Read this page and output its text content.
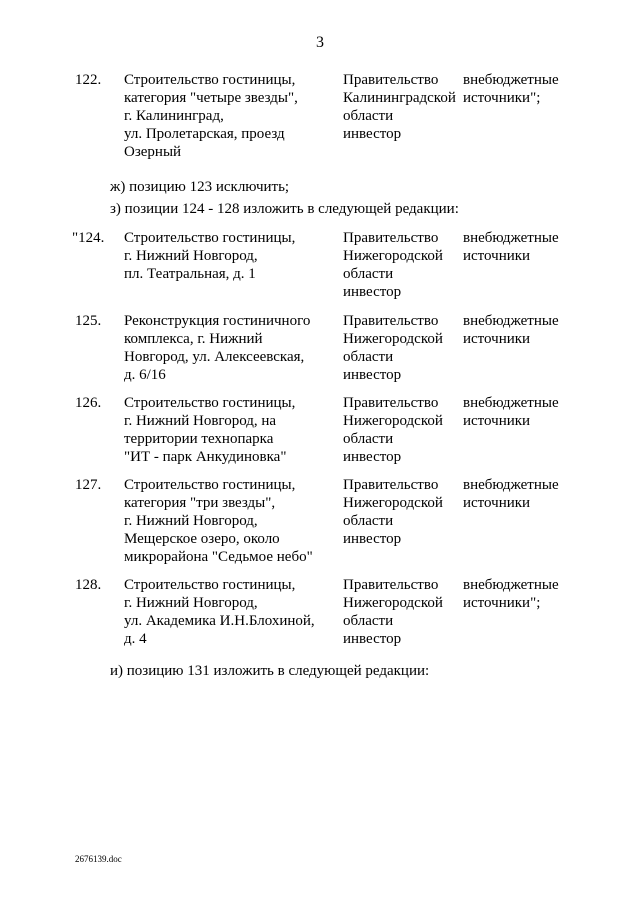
3
122. Строительство гостиницы,
категория "четыре звезды",
г. Калининград,
ул. Пролетарская, проезд
Озерный
Правительство
Калининградской
области
инвестор
внебюджетные
источники";
ж) позицию 123 исключить;
з) позиции 124 - 128 изложить в следующей редакции:
"124. Строительство гостиницы,
г. Нижний Новгород,
пл. Театральная, д. 1
Правительство
Нижегородской
области
инвестор
внебюджетные
источники
125. Реконструкция гостиничного
комплекса, г. Нижний
Новгород, ул. Алексеевская,
д. 6/16
Правительство
Нижегородской
области
инвестор
внебюджетные
источники
126. Строительство гостиницы,
г. Нижний Новгород, на
территории технопарка
"ИТ - парк Анкудиновка"
Правительство
Нижегородской
области
инвестор
внебюджетные
источники
127. Строительство гостиницы,
категория "три звезды",
г. Нижний Новгород,
Мещерское озеро, около
микрорайона "Седьмое небо"
Правительство
Нижегородской
области
инвестор
внебюджетные
источники
128. Строительство гостиницы,
г. Нижний Новгород,
ул. Академика И.Н.Блохиной,
д. 4
Правительство
Нижегородской
области
инвестор
внебюджетные
источники";
и) позицию 131 изложить в следующей редакции:
2676139.doc
